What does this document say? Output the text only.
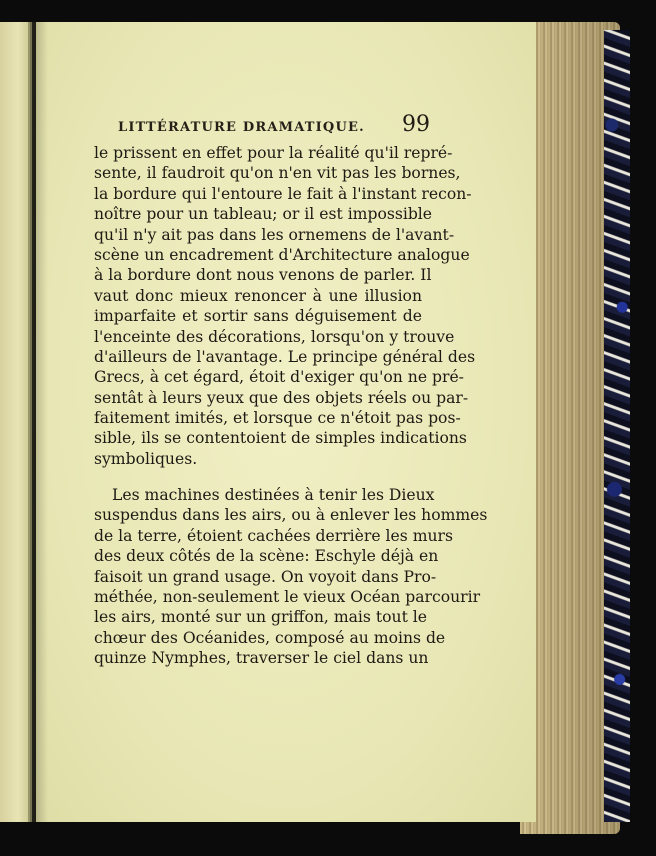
LITTÉRATURE DRAMATIQUE. 99
le prissent en effet pour la réalité qu'il repré-
sente, il faudroit qu'on n'en vit pas les bornes,
la bordure qui l'entoure le fait à l'instant recon-
noître pour un tableau; or il est impossible
qu'il n'y ait pas dans les ornemens de l'avant-
scène un encadrement d'Architecture analogue
à la bordure dont nous venons de parler. Il
vaut donc mieux renoncer à une illusion
imparfaite et sortir sans déguisement de
l'enceinte des décorations, lorsqu'on y trouve
d'ailleurs de l'avantage. Le principe général des
Grecs, à cet égard, étoit d'exiger qu'on ne pré-
sentât à leurs yeux que des objets réels ou par-
faitement imités, et lorsque ce n'étoit pas pos-
sible, ils se contentoient de simples indications
symboliques.
Les machines destinées à tenir les Dieux
suspendus dans les airs, ou à enlever les hommes
de la terre, étoient cachées derrière les murs
des deux côtés de la scène: Eschyle déjà en
faisoit un grand usage. On voyoit dans Pro-
méthée, non-seulement le vieux Océan parcourir
les airs, monté sur un griffon, mais tout le
chœur des Océanides, composé au moins de
quinze Nymphes, traverser le ciel dans un
